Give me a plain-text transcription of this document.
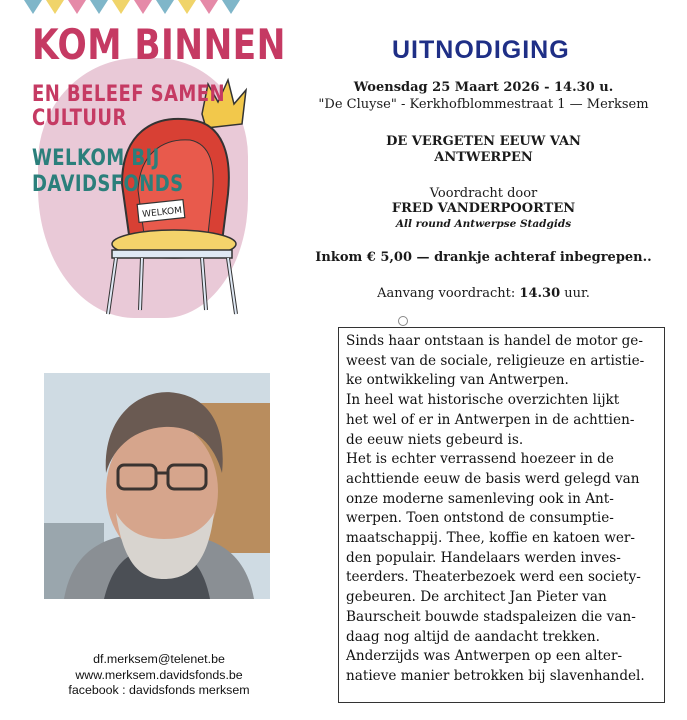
WELKOM
KOM BINNEN
EN BELEEF SAMEN
CULTUUR
WELKOM BIJ
DAVIDSFONDS
UITNODIGING
Woensdag 25 Maart 2026 - 14.30 u.
"De Cluyse" - Kerkhofblommestraat 1 — Merksem
DE VERGETEN EEUW VAN
ANTWERPEN
Voordracht door
FRED VANDERPOORTEN
All round Antwerpse Stadgids
Inkom € 5,00 — drankje achteraf inbegrepen..
Aanvang voordracht: 14.30 uur.

Sinds haar ontstaan is handel de motor ge-
weest van de sociale, religieuze en artistie-
ke ontwikkeling van Antwerpen.
In heel wat historische overzichten lijkt
het wel of er in Antwerpen in de achttien-
de eeuw niets gebeurd is.
Het is echter verrassend hoezeer in de
achttiende eeuw de basis werd gelegd van
onze moderne samenleving ook in Ant-
werpen. Toen ontstond de consumptie-
maatschappij. Thee, koffie en katoen wer-
den populair. Handelaars werden inves-
teerders. Theaterbezoek werd een society-
gebeuren. De architect Jan Pieter van
Baurscheit bouwde stadspaleizen die van-
daag nog altijd de aandacht trekken.
Anderzijds was Antwerpen op een alter-
natieve manier betrokken bij slavenhandel.

df.merksem@telenet.be
www.merksem.davidsfonds.be
facebook : davidsfonds merksem
